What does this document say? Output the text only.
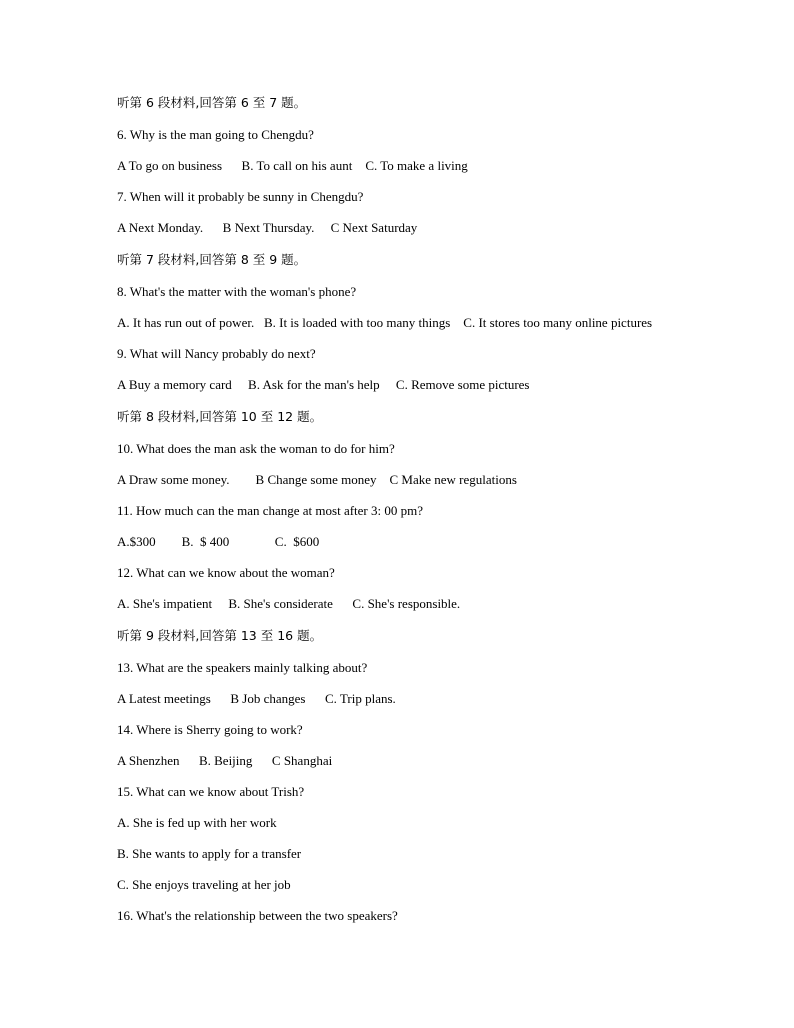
听第 6 段材料,回答第 6 至 7 题。
6. Why is the man going to Chengdu?
A To go on business      B. To call on his aunt    C. To make a living
7. When will it probably be sunny in Chengdu?
A Next Monday.      B Next Thursday.     C Next Saturday
听第 7 段材料,回答第 8 至 9 题。
8. What's the matter with the woman's phone?
A. It has run out of power.   B. It is loaded with too many things    C. It stores too many online pictures
9. What will Nancy probably do next?
A Buy a memory card     B. Ask for the man's help     C. Remove some pictures
听第 8 段材料,回答第 10 至 12 题。
10. What does the man ask the woman to do for him?
A Draw some money.        B Change some money    C Make new regulations
11. How much can the man change at most after 3: 00 pm?
A.$300        B.  $ 400              C.  $600
12. What can we know about the woman?
A. She's impatient     B. She's considerate      C. She's responsible.
听第 9 段材料,回答第 13 至 16 题。
13. What are the speakers mainly talking about?
A Latest meetings      B Job changes      C. Trip plans.
14. Where is Sherry going to work?
A Shenzhen      B. Beijing      C Shanghai
15. What can we know about Trish?
A. She is fed up with her work
B. She wants to apply for a transfer
C. She enjoys traveling at her job
16. What's the relationship between the two speakers?
